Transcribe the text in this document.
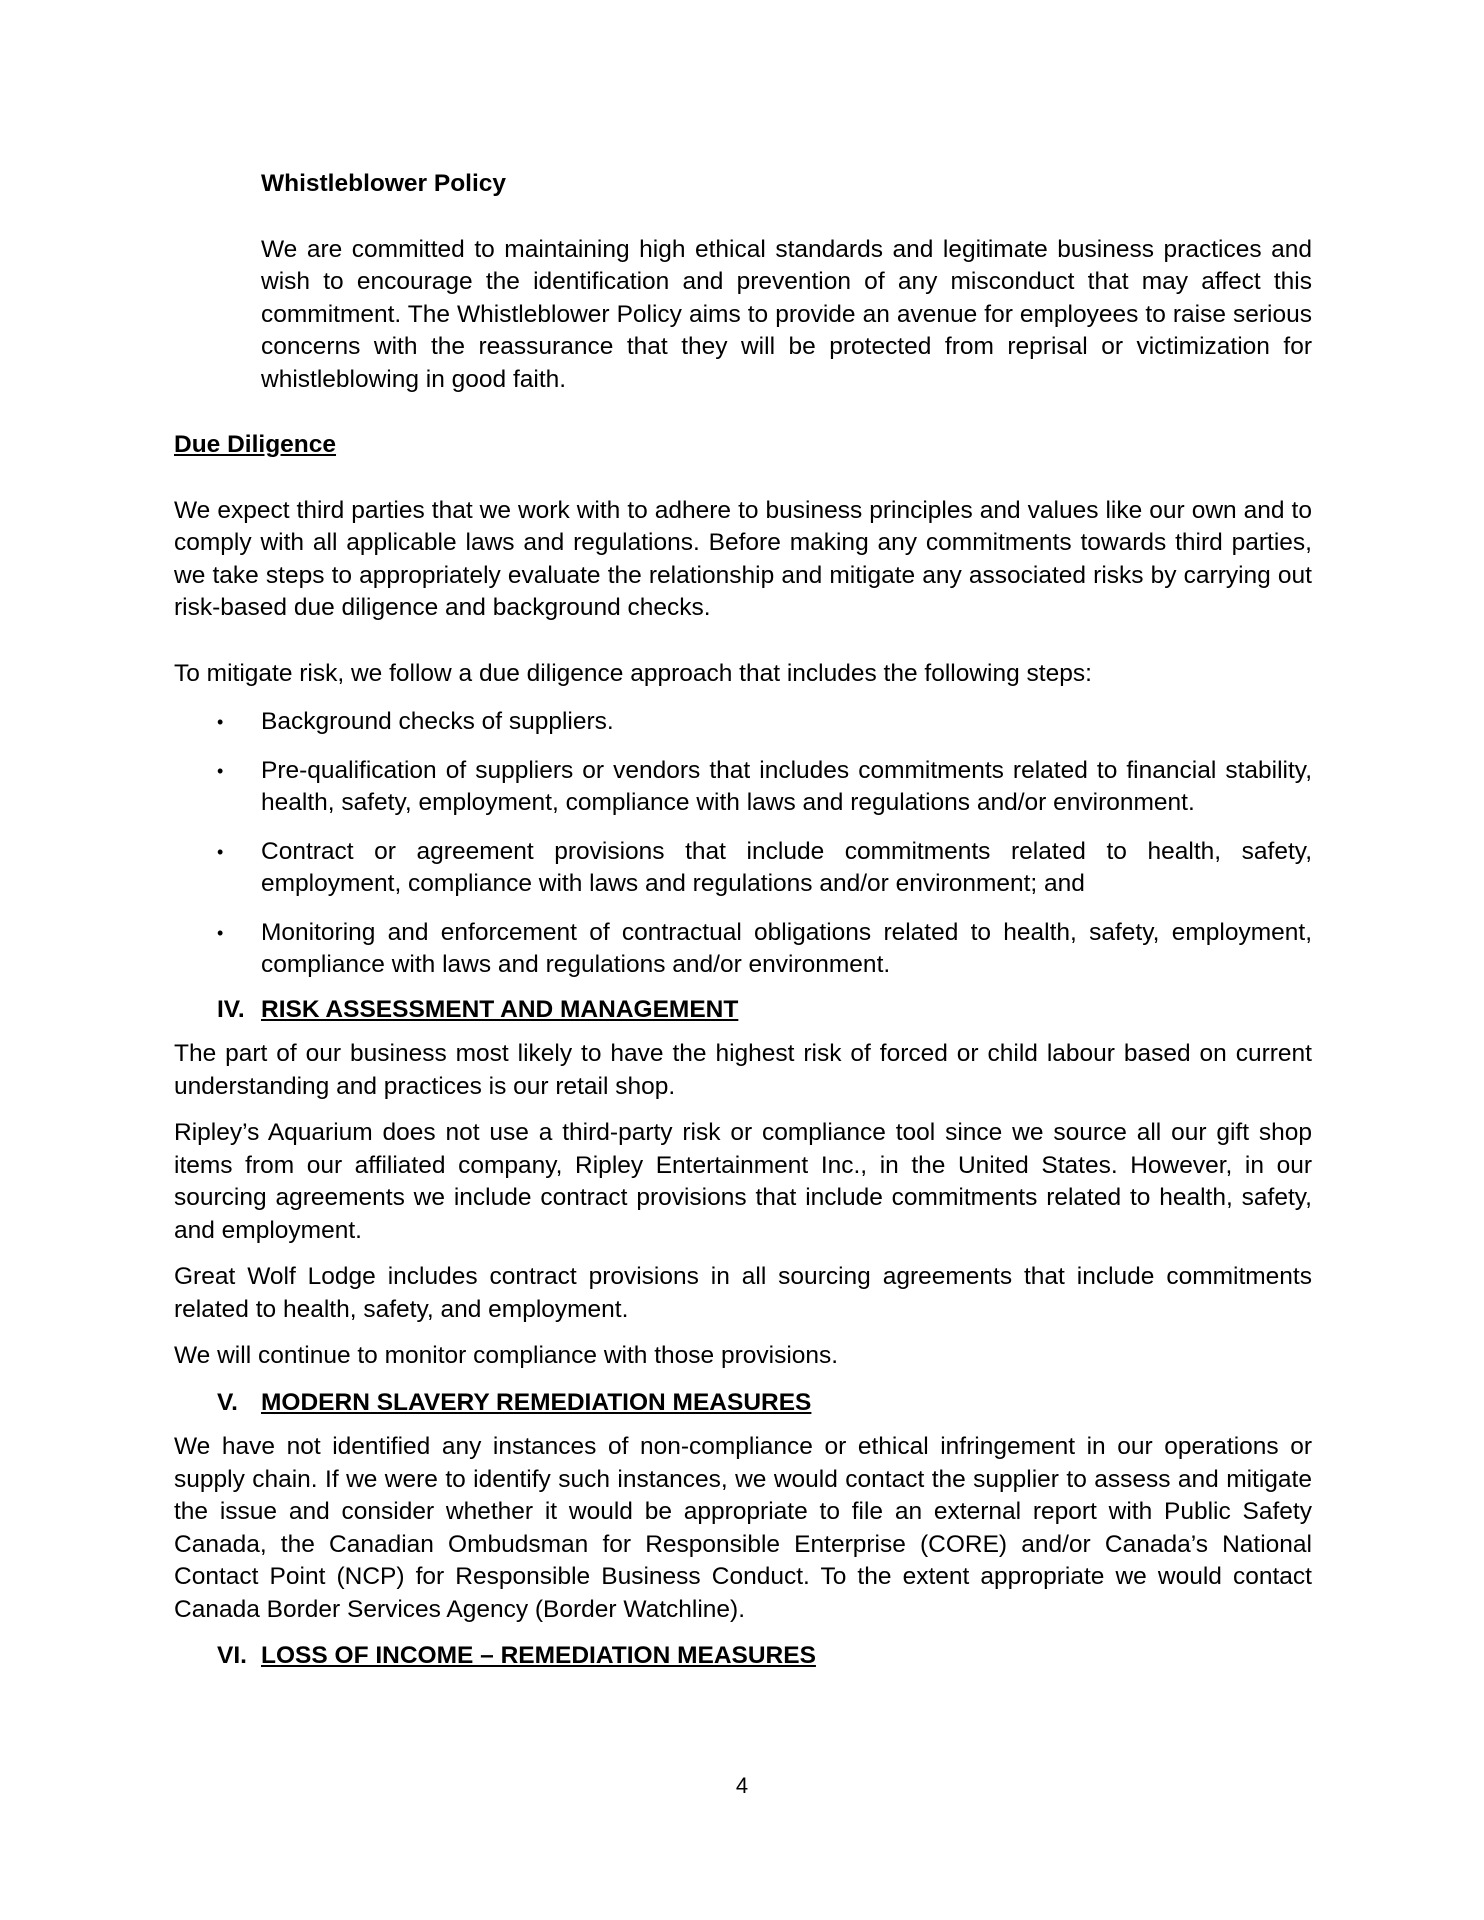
Whistleblower Policy

We are committed to maintaining high ethical standards and legitimate business practices and wish to encourage the identification and prevention of any misconduct that may affect this commitment. The Whistleblower Policy aims to provide an avenue for employees to raise serious concerns with the reassurance that they will be protected from reprisal or victimization for whistleblowing in good faith.

Due Diligence

We expect third parties that we work with to adhere to business principles and values like our own and to comply with all applicable laws and regulations. Before making any commitments towards third parties, we take steps to appropriately evaluate the relationship and mitigate any associated risks by carrying out risk-based due diligence and background checks.

To mitigate risk, we follow a due diligence approach that includes the following steps:

• Background checks of suppliers.
• Pre-qualification of suppliers or vendors that includes commitments related to financial stability, health, safety, employment, compliance with laws and regulations and/or environment.
• Contract or agreement provisions that include commitments related to health, safety, employment, compliance with laws and regulations and/or environment; and
• Monitoring and enforcement of contractual obligations related to health, safety, employment, compliance with laws and regulations and/or environment.
IV. RISK ASSESSMENT AND MANAGEMENT

The part of our business most likely to have the highest risk of forced or child labour based on current understanding and practices is our retail shop.

Ripley’s Aquarium does not use a third-party risk or compliance tool since we source all our gift shop items from our affiliated company, Ripley Entertainment Inc., in the United States. However, in our sourcing agreements we include contract provisions that include commitments related to health, safety, and employment.

Great Wolf Lodge includes contract provisions in all sourcing agreements that include commitments related to health, safety, and employment.

We will continue to monitor compliance with those provisions.

V. MODERN SLAVERY REMEDIATION MEASURES

We have not identified any instances of non-compliance or ethical infringement in our operations or supply chain. If we were to identify such instances, we would contact the supplier to assess and mitigate the issue and consider whether it would be appropriate to file an external report with Public Safety Canada, the Canadian Ombudsman for Responsible Enterprise (CORE) and/or Canada’s National Contact Point (NCP) for Responsible Business Conduct. To the extent appropriate we would contact Canada Border Services Agency (Border Watchline).

VI. LOSS OF INCOME – REMEDIATION MEASURES
4
